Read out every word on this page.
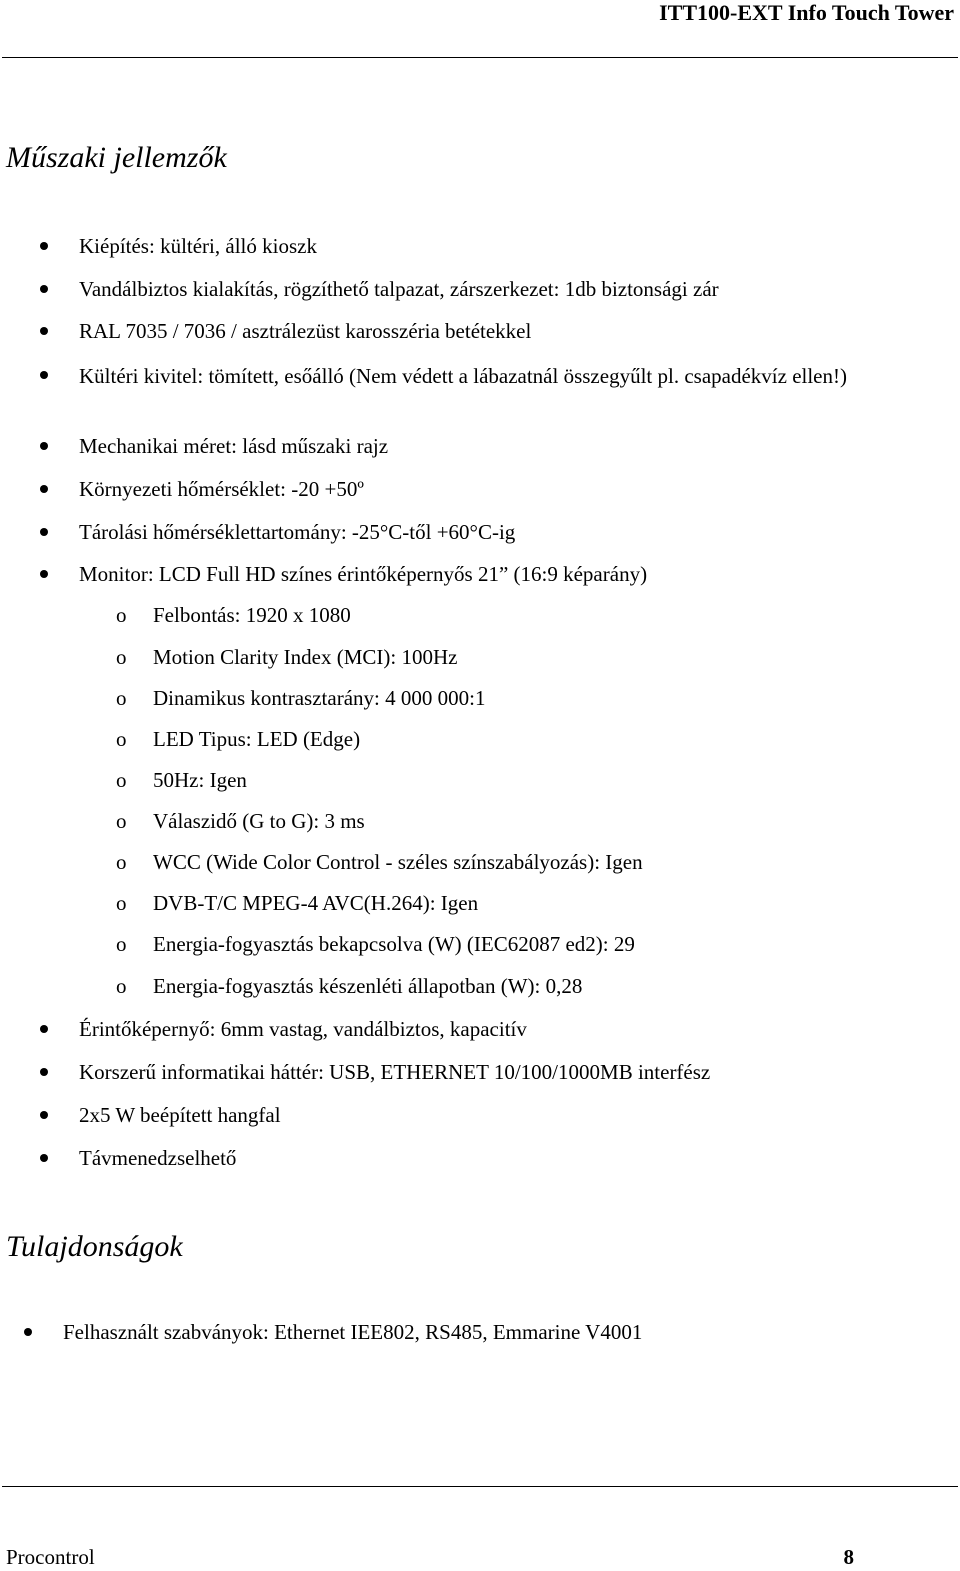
ITT100-EXT Info Touch Tower
Műszaki jellemzők
Kiépítés: kültéri, álló kioszk
Vandálbiztos kialakítás, rögzíthető talpazat, zárszerkezet: 1db biztonsági zár
RAL 7035 / 7036 / asztrálezüst karosszéria betétekkel
Kültéri kivitel: tömített, esőálló (Nem védett a lábazatnál összegyűlt pl. csapadékvíz ellen!)
Mechanikai méret: lásd műszaki rajz
Környezeti hőmérséklet: -20 +50º
Tárolási hőmérséklettartomány: -25°C-től +60°C-ig
Monitor: LCD Full HD színes érintőképernyős 21” (16:9 képarány)
o Felbontás: 1920 x 1080
o Motion Clarity Index (MCI): 100Hz
o Dinamikus kontrasztarány: 4 000 000:1
o LED Tipus: LED (Edge)
o 50Hz: Igen
o Válaszidő (G to G): 3 ms
o WCC (Wide Color Control - széles színszabályozás): Igen
o DVB-T/C MPEG-4 AVC(H.264): Igen
o Energia-fogyasztás bekapcsolva (W) (IEC62087 ed2): 29
o Energia-fogyasztás készenléti állapotban (W): 0,28
Érintőképernyő: 6mm vastag, vandálbiztos, kapacitív
Korszerű informatikai háttér: USB, ETHERNET 10/100/1000MB interfész
2x5 W beépített hangfal
Távmenedzselhető
Tulajdonságok
Felhasznált szabványok: Ethernet IEE802, RS485, Emmarine V4001
Procontrol	8
